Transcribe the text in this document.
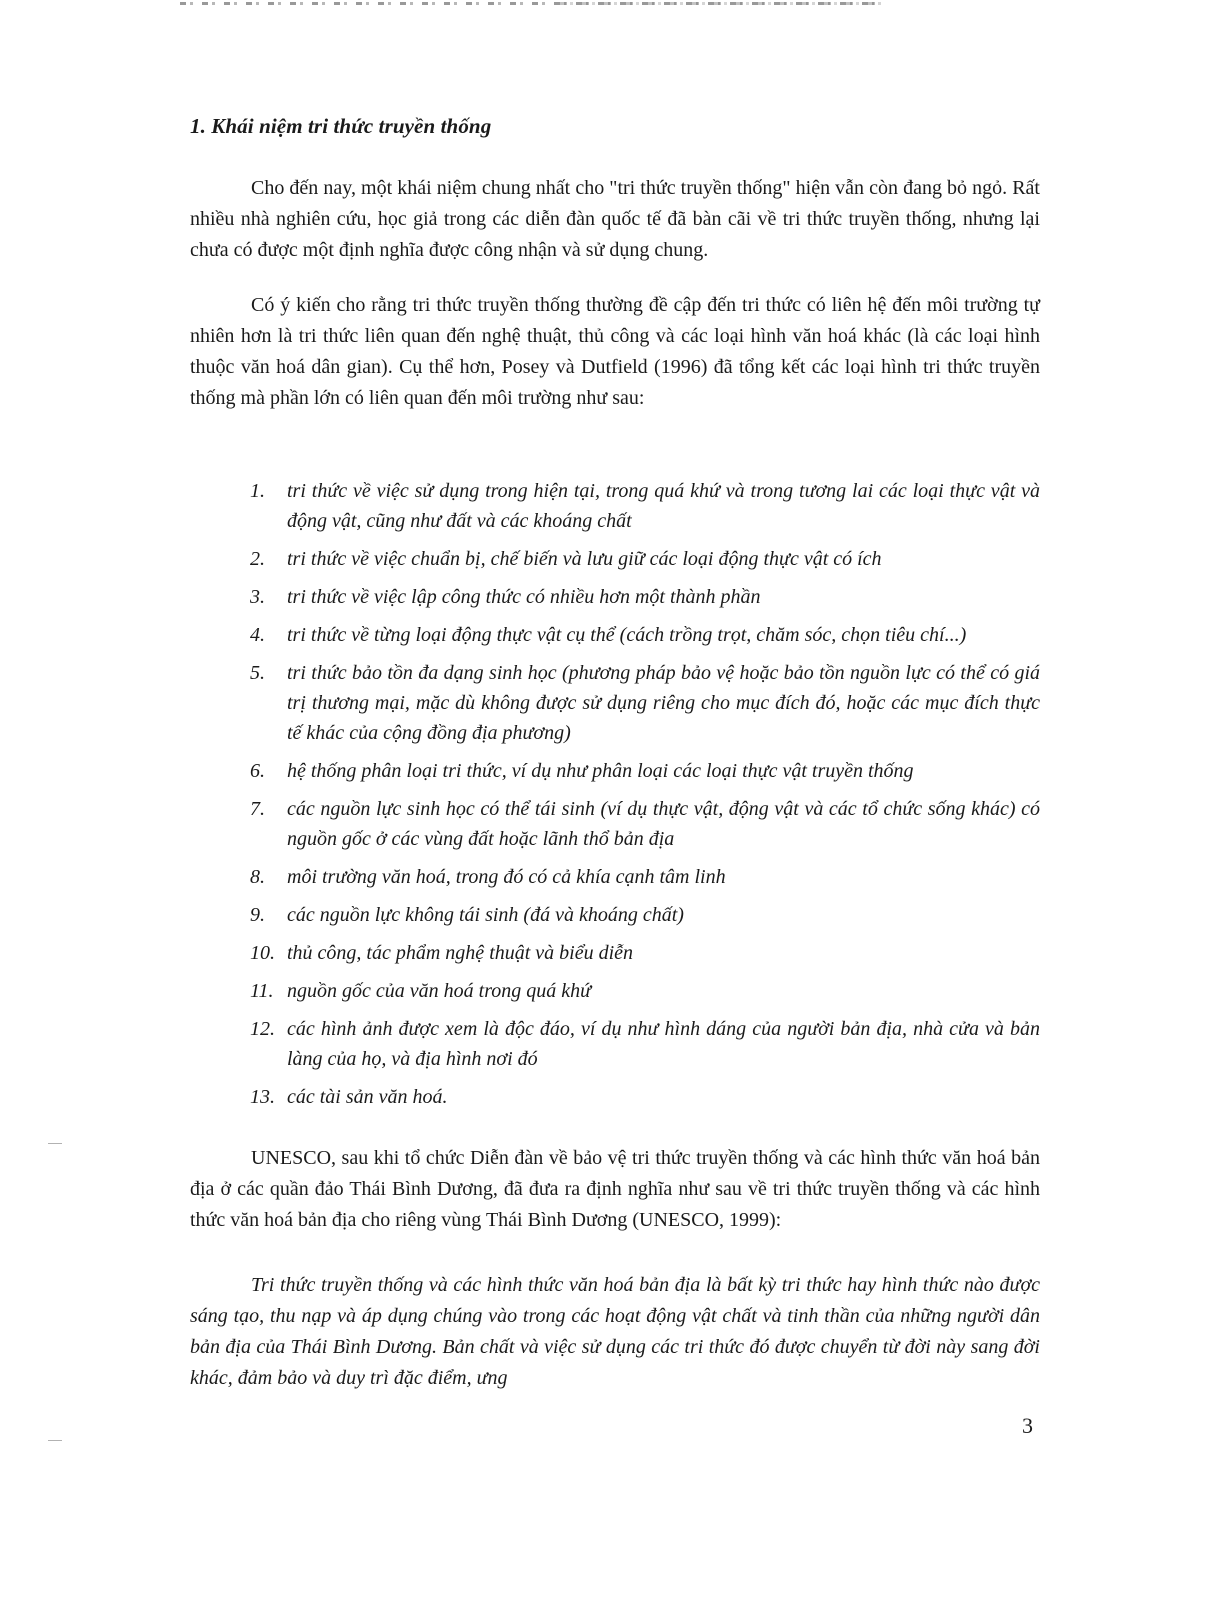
1. Khái niệm tri thức truyền thống

Cho đến nay, một khái niệm chung nhất cho "tri thức truyền thống" hiện vẫn còn đang bỏ ngỏ. Rất nhiều nhà nghiên cứu, học giả trong các diễn đàn quốc tế đã bàn cãi về tri thức truyền thống, nhưng lại chưa có được một định nghĩa được công nhận và sử dụng chung.

Có ý kiến cho rằng tri thức truyền thống thường đề cập đến tri thức có liên hệ đến môi trường tự nhiên hơn là tri thức liên quan đến nghệ thuật, thủ công và các loại hình văn hoá khác (là các loại hình thuộc văn hoá dân gian). Cụ thể hơn, Posey và Dutfield (1996) đã tổng kết các loại hình tri thức truyền thống mà phần lớn có liên quan đến môi trường như sau:

1. tri thức về việc sử dụng trong hiện tại, trong quá khứ và trong tương lai các loại thực vật và động vật, cũng như đất và các khoáng chất
2. tri thức về việc chuẩn bị, chế biến và lưu giữ các loại động thực vật có ích
3. tri thức về việc lập công thức có nhiều hơn một thành phần
4. tri thức về từng loại động thực vật cụ thể (cách trồng trọt, chăm sóc, chọn tiêu chí...)
5. tri thức bảo tồn đa dạng sinh học (phương pháp bảo vệ hoặc bảo tồn nguồn lực có thể có giá trị thương mại, mặc dù không được sử dụng riêng cho mục đích đó, hoặc các mục đích thực tế khác của cộng đồng địa phương)
6. hệ thống phân loại tri thức, ví dụ như phân loại các loại thực vật truyền thống
7. các nguồn lực sinh học có thể tái sinh (ví dụ thực vật, động vật và các tổ chức sống khác) có nguồn gốc ở các vùng đất hoặc lãnh thổ bản địa
8. môi trường văn hoá, trong đó có cả khía cạnh tâm linh
9. các nguồn lực không tái sinh (đá và khoáng chất)
10. thủ công, tác phẩm nghệ thuật và biểu diễn
11. nguồn gốc của văn hoá trong quá khứ
12. các hình ảnh được xem là độc đáo, ví dụ như hình dáng của người bản địa, nhà cửa và bản làng của họ, và địa hình nơi đó
13. các tài sản văn hoá.

UNESCO, sau khi tổ chức Diễn đàn về bảo vệ tri thức truyền thống và các hình thức văn hoá bản địa ở các quần đảo Thái Bình Dương, đã đưa ra định nghĩa như sau về tri thức truyền thống và các hình thức văn hoá bản địa cho riêng vùng Thái Bình Dương (UNESCO, 1999):

Tri thức truyền thống và các hình thức văn hoá bản địa là bất kỳ tri thức hay hình thức nào được sáng tạo, thu nạp và áp dụng chúng vào trong các hoạt động vật chất và tinh thần của những người dân bản địa của Thái Bình Dương. Bản chất và việc sử dụng các tri thức đó được chuyển từ đời này sang đời khác, đảm bảo và duy trì đặc điểm, ưng

3
